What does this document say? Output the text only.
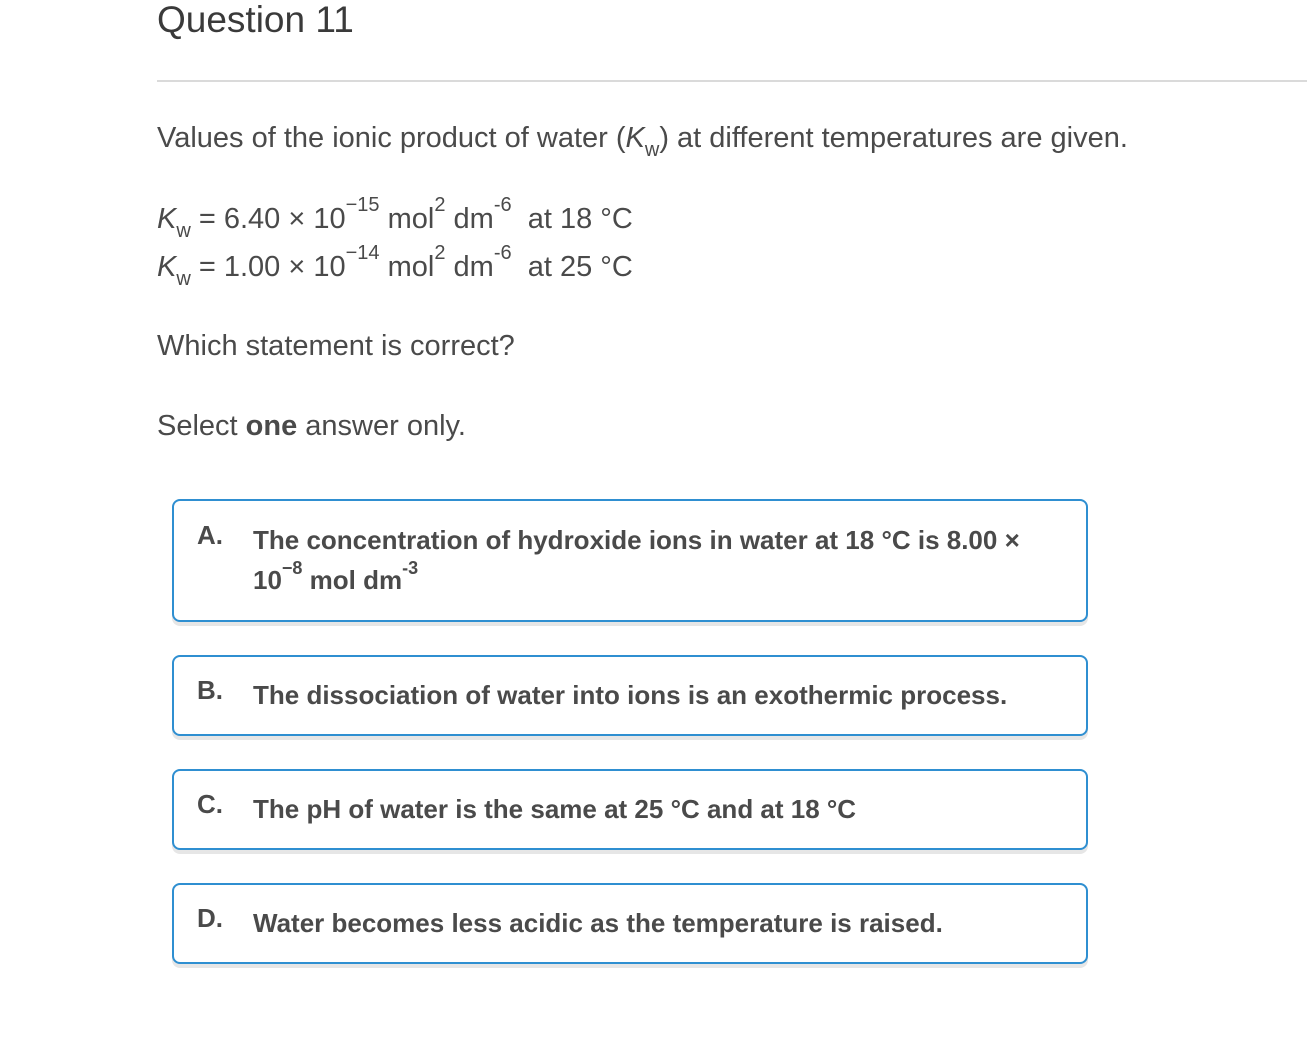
Question 11
Values of the ionic product of water $(K_w)$ at different temperatures are given.
$K_w = 6.40 \times 10^{-15}$ mol$^2$ $dm^{-6}$  at 18 °C
$K_w = 1.00 \times 10^{-14}$ mol$^2$ $dm^{-6}$  at 25 °C
Which statement is correct?
Select one answer only.
A. The concentration of hydroxide ions in water at 18 °C is $8.00 \times 10^{-8}$ mol $dm^{-3}$
B. The dissociation of water into ions is an exothermic process.
C. The pH of water is the same at 25 °C and at 18 °C
D. Water becomes less acidic as the temperature is raised.
